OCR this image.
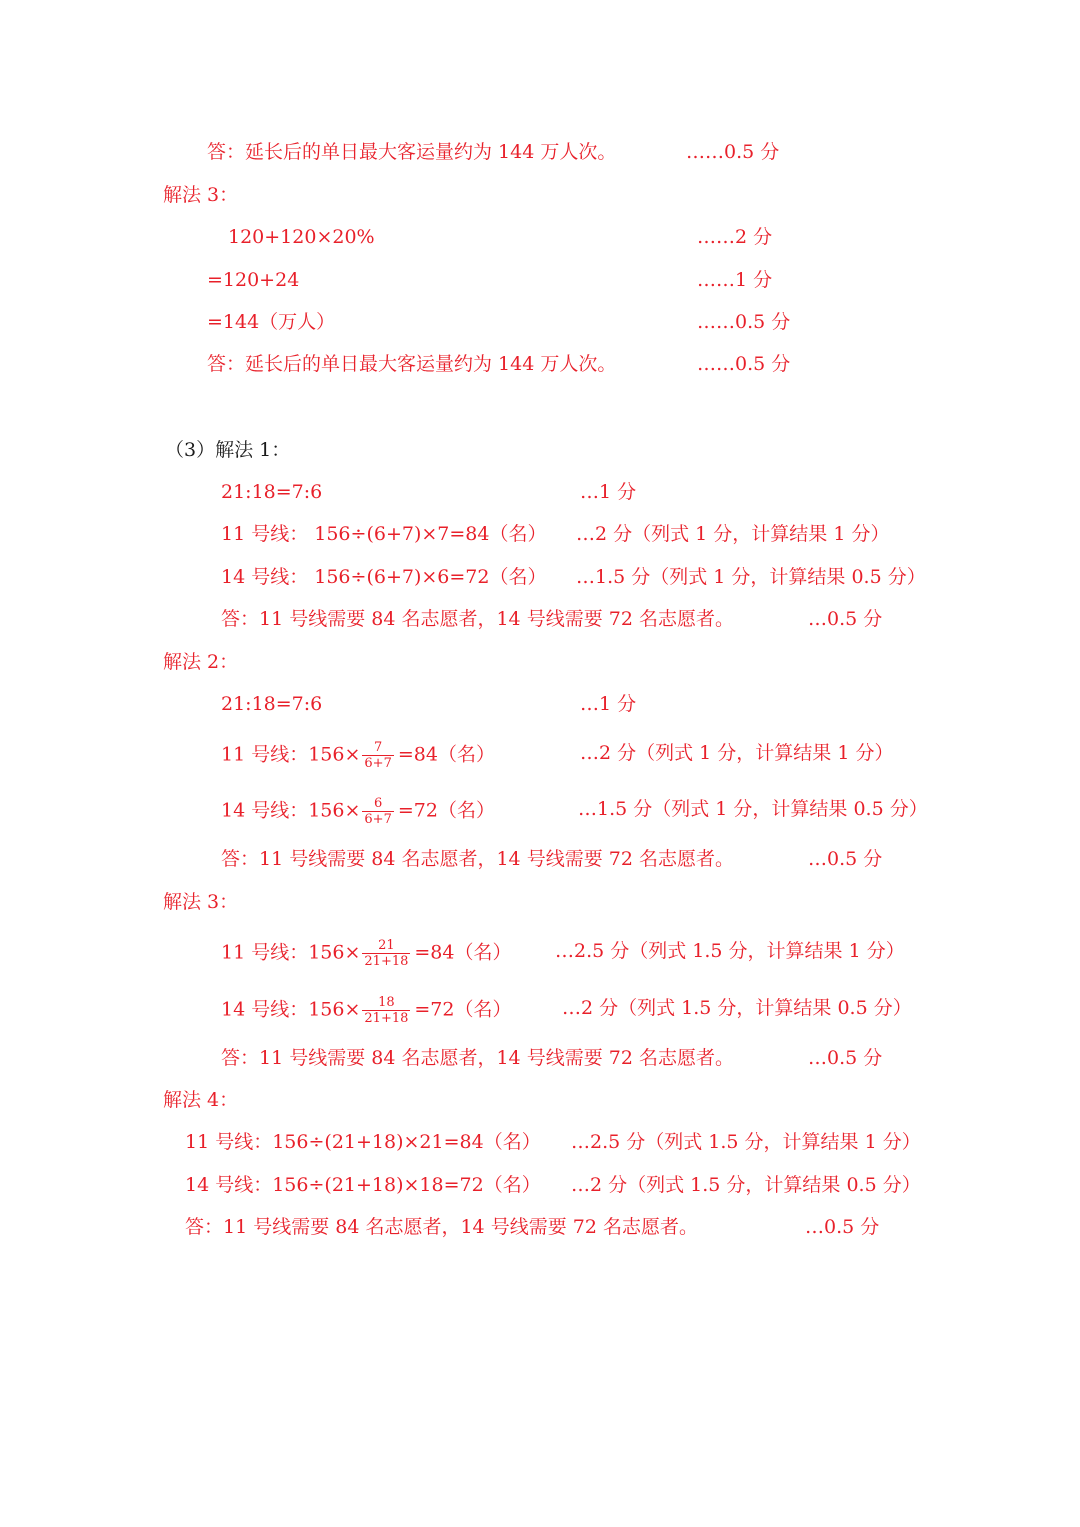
答：延长后的单日最大客运量约为 144 万人次。	……0.5 分
解法 3：
120+120×20%	……2 分
=120+24	……1 分
=144（万人）	……0.5 分
答：延长后的单日最大客运量约为 144 万人次。	……0.5 分
（3）解法 1：
21:18=7:6	…1 分
11 号线： 156÷(6+7)×7=84（名） …2 分（列式 1 分，计算结果 1 分）
14 号线： 156÷(6+7)×6=72（名） …1.5 分（列式 1 分，计算结果 0.5 分）
答：11 号线需要 84 名志愿者，14 号线需要 72 名志愿者。	…0.5 分
解法 2：
21:18=7:6	…1 分
11 号线：$156\times \frac{7}{6+7} =84$（名）	…2 分（列式 1 分，计算结果 1 分）
14 号线：$156\times \frac{6}{6+7} =72$（名）	…1.5 分（列式 1 分，计算结果 0.5 分）
答：11 号线需要 84 名志愿者，14 号线需要 72 名志愿者。	…0.5 分
解法 3：
11 号线：$156\times \frac{21}{21+18} =84$（名） …2.5 分（列式 1.5 分，计算结果 1 分）
14 号线：$156\times \frac{18}{21+18} =72$（名）	…2 分（列式 1.5 分，计算结果 0.5 分）
答：11 号线需要 84 名志愿者，14 号线需要 72 名志愿者。	…0.5 分
解法 4：
11 号线：156÷(21+18)×21=84（名） …2.5 分（列式 1.5 分，计算结果 1 分）
14 号线：156÷(21+18)×18=72（名） …2 分（列式 1.5 分，计算结果 0.5 分）
答：11 号线需要 84 名志愿者，14 号线需要 72 名志愿者。	…0.5 分
